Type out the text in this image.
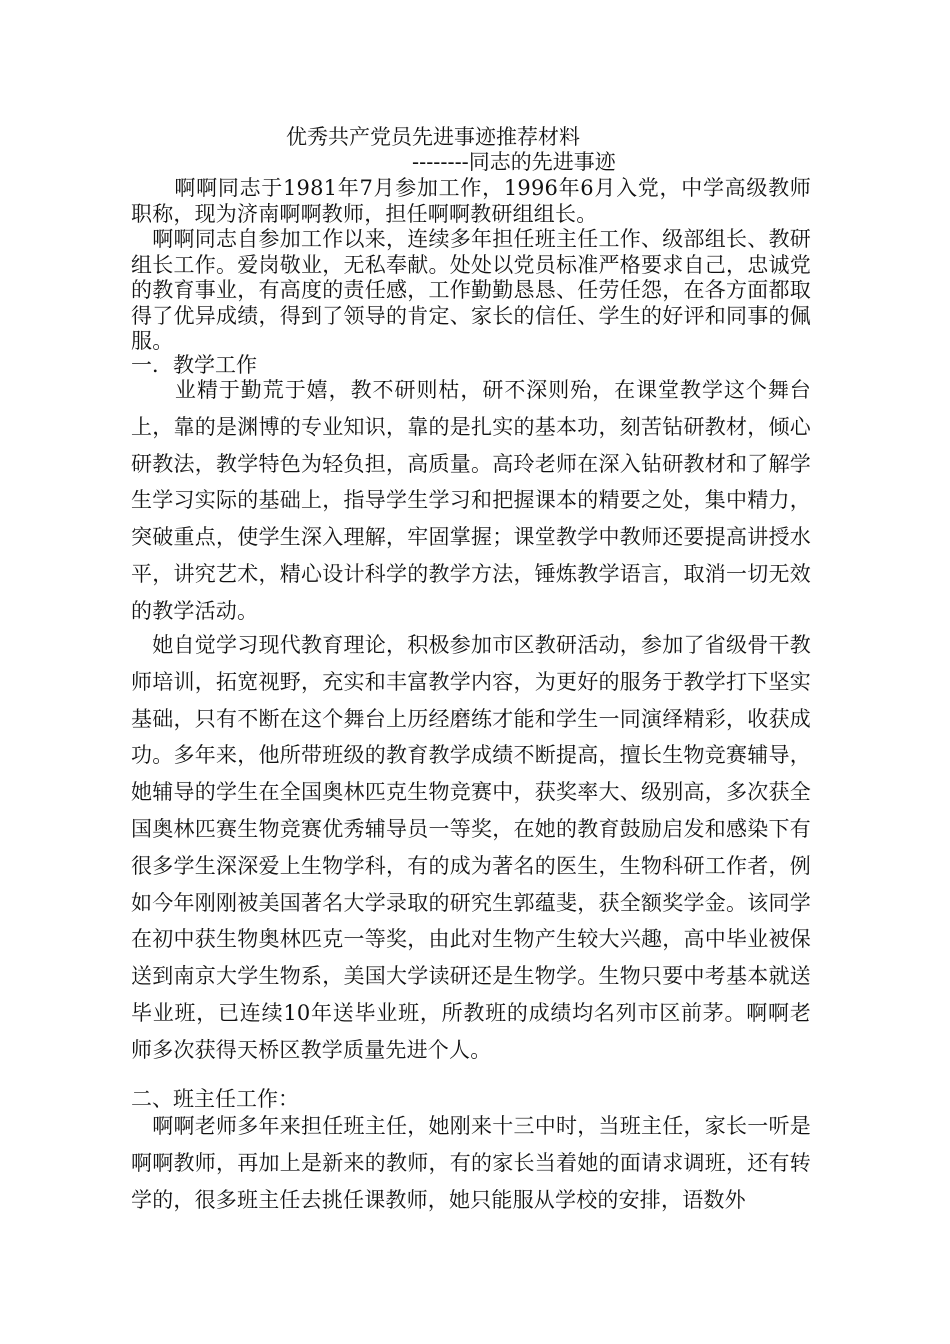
优秀共产党员先进事迹推荐材料
--------同志的先进事迹

　　啊啊同志于1981年7月参加工作，1996年6月入党，中学高级教师职称，现为济南啊啊教师，担任啊啊教研组组长。

　啊啊同志自参加工作以来，连续多年担任班主任工作、级部组长、教研组长工作。爱岗敬业，无私奉献。处处以党员标准严格要求自己，忠诚党的教育事业，有高度的责任感，工作勤勤恳恳、任劳任怨，在各方面都取得了优异成绩，得到了领导的肯定、家长的信任、学生的好评和同事的佩服。

一．教学工作

　　业精于勤荒于嬉，教不研则枯，研不深则殆，在课堂教学这个舞台上，靠的是渊博的专业知识，靠的是扎实的基本功，刻苦钻研教材，倾心研教法，教学特色为轻负担，高质量。高玲老师在深入钻研教材和了解学生学习实际的基础上，指导学生学习和把握课本的精要之处，集中精力，突破重点，使学生深入理解，牢固掌握；课堂教学中教师还要提高讲授水平，讲究艺术，精心设计科学的教学方法，锤炼教学语言，取消一切无效的教学活动。

　她自觉学习现代教育理论，积极参加市区教研活动，参加了省级骨干教师培训，拓宽视野，充实和丰富教学内容，为更好的服务于教学打下坚实基础，只有不断在这个舞台上历经磨练才能和学生一同演绎精彩，收获成功。多年来，他所带班级的教育教学成绩不断提高，擅长生物竞赛辅导，她辅导的学生在全国奥林匹克生物竞赛中，获奖率大、级别高，多次获全国奥林匹赛生物竞赛优秀辅导员一等奖，在她的教育鼓励启发和感染下有很多学生深深爱上生物学科，有的成为著名的医生，生物科研工作者，例如今年刚刚被美国著名大学录取的研究生郭蕴斐，获全额奖学金。该同学在初中获生物奥林匹克一等奖，由此对生物产生较大兴趣，高中毕业被保送到南京大学生物系，美国大学读研还是生物学。生物只要中考基本就送毕业班，已连续10年送毕业班，所教班的成绩均名列市区前茅。啊啊老师多次获得天桥区教学质量先进个人。

二、班主任工作：

　啊啊老师多年来担任班主任，她刚来十三中时，当班主任，家长一听是啊啊教师，再加上是新来的教师，有的家长当着她的面请求调班，还有转学的，很多班主任去挑任课教师，她只能服从学校的安排，语数外
